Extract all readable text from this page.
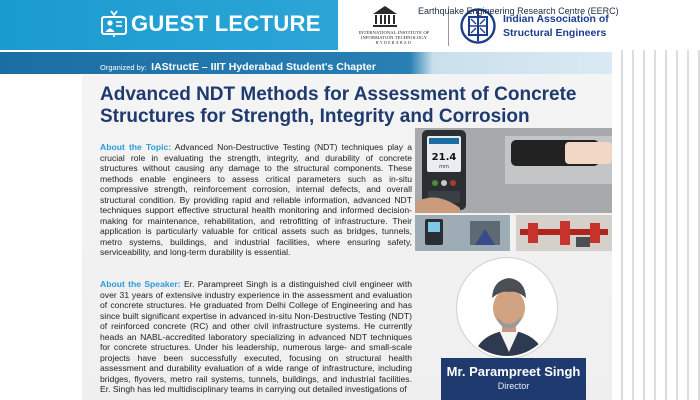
GUEST LECTURE	INTERNATIONAL INSTITUTE OF
INFORMATION TECHNOLOGY
HYDERABAD
Indian Association of
Structural Engineers
Organized by: IAStructE – IIIT Hyderabad Student's Chapter
Earthquake Engineering Research Centre (EERC)
Advanced NDT Methods for Assessment of Concrete
Structures for Strength, Integrity and Corrosion
About the Topic: Advanced Non-Destructive Testing (NDT) techniques play a crucial role in evaluating the strength, integrity, and durability of concrete structures without causing any damage to the structural components. These methods enable engineers to assess critical parameters such as in-situ compressive strength, reinforcement corrosion, internal defects, and overall structural condition. By providing rapid and reliable information, advanced NDT techniques support effective structural health monitoring and informed decision-making for maintenance, rehabilitation, and retrofitting of infrastructure. Their application is particularly valuable for critical assets such as bridges, tunnels, metro systems, buildings, and industrial facilities, where ensuring safety, serviceability, and long-term durability is essential.
About the Speaker: Er. Parampreet Singh is a distinguished civil engineer with over 31 years of extensive industry experience in the assessment and evaluation of concrete structures. He graduated from Delhi College of Engineering and has since built significant expertise in advanced in-situ Non-Destructive Testing (NDT) of reinforced concrete (RC) and other civil infrastructure systems. He currently heads an NABL-accredited laboratory specializing in advanced NDT techniques for concrete structures. Under his leadership, numerous large- and small-scale projects have been successfully executed, focusing on structural health assessment and durability evaluation of a wide range of infrastructure, including bridges, flyovers, metro rail systems, tunnels, buildings, and industrial facilities. Er. Singh has led multidisciplinary teams in carrying out detailed investigations of
21.4
mm
Mr. Parampreet Singh
Director
